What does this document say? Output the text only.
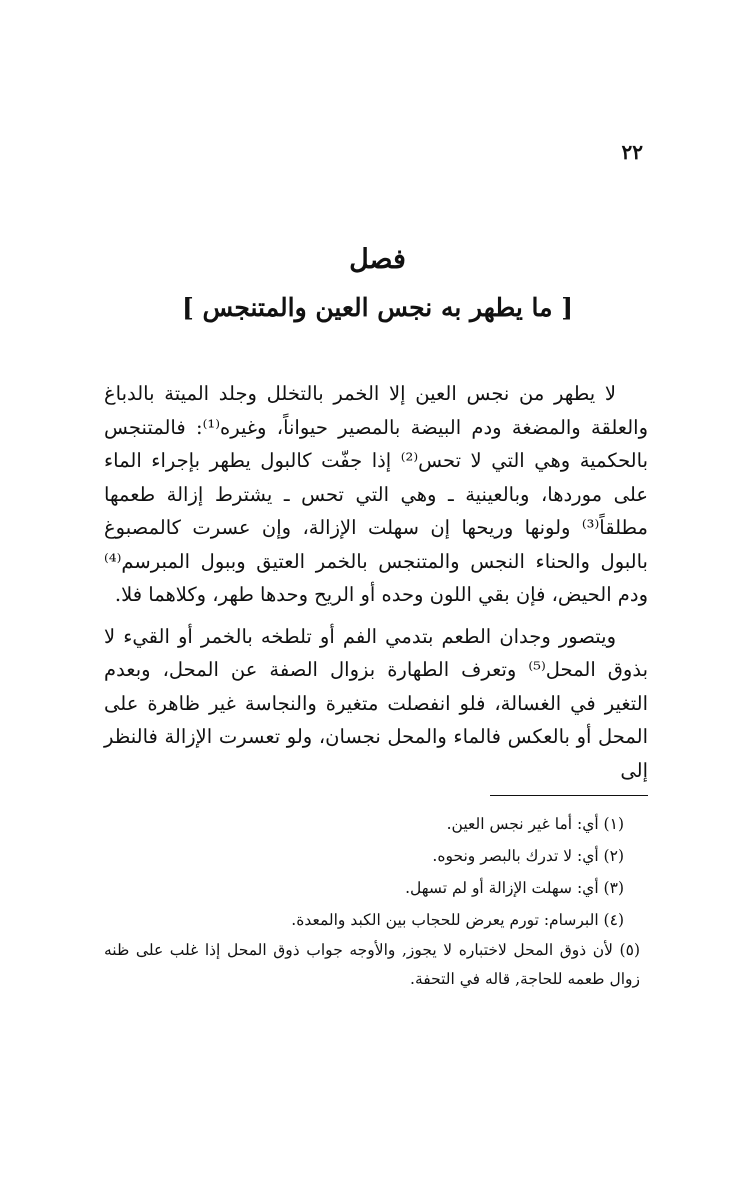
٢٢
فصل
[ ما يطهر به نجس العين والمتنجس ]

لا يطهر من نجس العين إلا الخمر بالتخلل وجلد الميتة بالدباغ والعلقة والمضغة ودم البيضة بالمصير حيواناً، وغيره⁽¹⁾: فالمتنجس بالحكمية وهي التي لا تحس⁽²⁾ إذا جفّت كالبول يطهر بإجراء الماء على موردها، وبالعينية ـ وهي التي تحس ـ يشترط إزالة طعمها مطلقاً⁽³⁾ ولونها وريحها إن سهلت الإزالة، وإن عسرت كالمصبوغ بالبول والحناء النجس والمتنجس بالخمر العتيق وببول المبرسم⁽⁴⁾ ودم الحيض، فإن بقي اللون وحده أو الريح وحدها طهر، وكلاهما فلا.

ويتصور وجدان الطعم بتدمي الفم أو تلطخه بالخمر أو القيء لا بذوق المحل⁽⁵⁾ وتعرف الطهارة بزوال الصفة عن المحل، وبعدم التغير في الغسالة، فلو انفصلت متغيرة والنجاسة غير ظاهرة على المحل أو بالعكس فالماء والمحل نجسان، ولو تعسرت الإزالة فالنظر إلى

(١) أي: أما غير نجس العين.

(٢) أي: لا تدرك بالبصر ونحوه.

(٣) أي: سهلت الإزالة أو لم تسهل.

(٤) البرسام: تورم يعرض للحجاب بين الكبد والمعدة.

(٥) لأن ذوق المحل لاختباره لا يجوز, والأوجه جواب ذوق المحل إذا غلب على ظنه زوال طعمه للحاجة, قاله في التحفة.
